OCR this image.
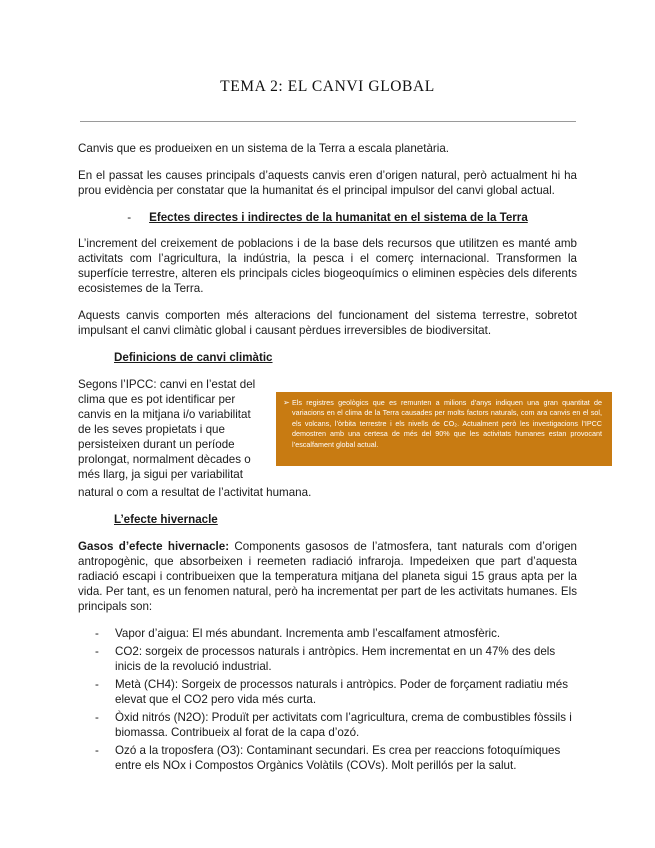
TEMA 2: EL CANVI GLOBAL

Canvis que es produeixen en un sistema de la Terra a escala planetària.

En el passat les causes principals d’aquests canvis eren d’origen natural, però actualment hi ha prou evidència per constatar que la humanitat és el principal impulsor del canvi global actual.

- Efectes directes i indirectes de la humanitat en el sistema de la Terra

L’increment del creixement de poblacions i de la base dels recursos que utilitzen es manté amb activitats com l’agricultura, la indústria, la pesca i el comerç internacional. Transformen la superfície terrestre, alteren els principals cicles biogeoquímics o eliminen espècies dels diferents ecosistemes de la Terra.

Aquests canvis comporten més alteracions del funcionament del sistema terrestre, sobretot impulsant el canvi climàtic global i causant pèrdues irreversibles de biodiversitat.

Definicions de canvi climàtic

Segons l’IPCC: canvi en l’estat del
clima que es pot identificar per
canvis en la mitjana i/o variabilitat
de les seves propietats i que
persisteixen durant un període
prolongat, normalment dècades o
més llarg, ja sigui per variabilitat

natural o com a resultat de l’activitat humana.

➢ Els registres geològics que es remunten a milions d’anys indiquen una gran quantitat de variacions en el clima de la Terra causades per molts factors naturals, com ara canvis en el sol, els volcans, l’òrbita terrestre i els nivells de CO₂. Actualment però les investigacions l’IPCC demostren amb una certesa de més del 90% que les activitats humanes estan provocant l’escalfament global actual.

L’efecte hivernacle

Gasos d’efecte hivernacle: Components gasosos de l’atmosfera, tant naturals com d’origen antropogènic, que absorbeixen i reemeten radiació infraroja. Impedeixen que part d’aquesta radiació escapi i contribueixen que la temperatura mitjana del planeta sigui 15 graus apta per la vida. Per tant, es un fenomen natural, però ha incrementat per part de les activitats humanes. Els principals son:

- Vapor d’aigua: El més abundant. Incrementa amb l’escalfament atmosfèric.
- CO2: sorgeix de processos naturals i antròpics. Hem incrementat en un 47% des dels inicis de la revolució industrial.
- Metà (CH4): Sorgeix de processos naturals i antròpics. Poder de forçament radiatiu més elevat que el CO2 pero vida més curta.
- Òxid nitrós (N2O): Produït per activitats com l’agricultura, crema de combustibles fòssils i biomassa. Contribueix al forat de la capa d’ozó.
- Ozó a la troposfera (O3): Contaminant secundari. Es crea per reaccions fotoquímiques entre els NOx i Compostos Orgànics Volàtils (COVs). Molt perillós per la salut.
